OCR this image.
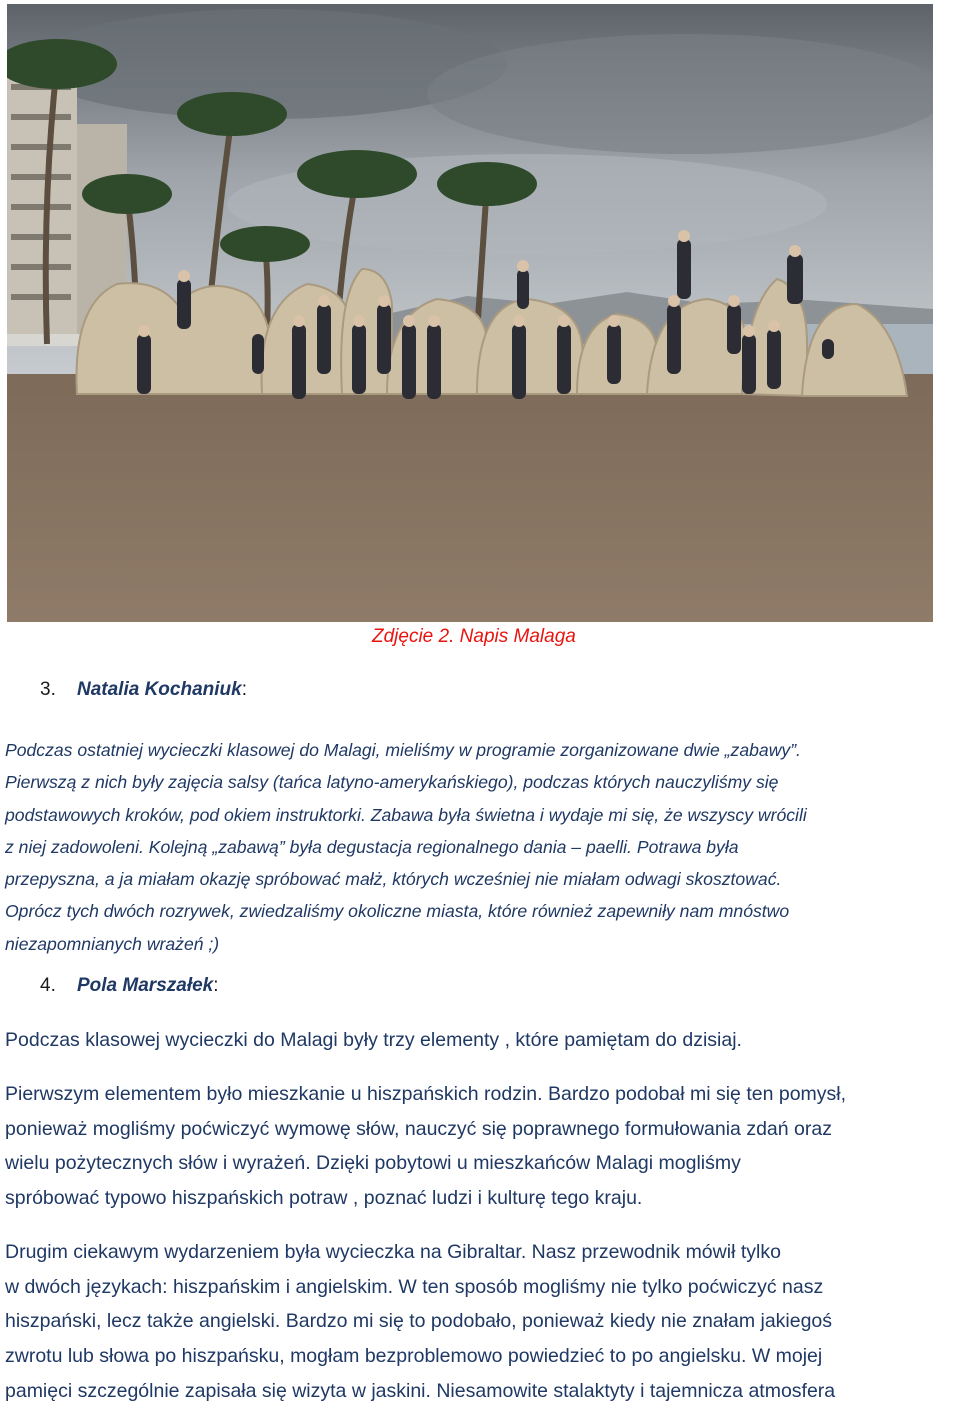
Zdjęcie 2. Napis Malaga
3. Natalia Kochaniuk:
Podczas ostatniej wycieczki klasowej do Malagi, mieliśmy w programie zorganizowane dwie „zabawy”.
Pierwszą z nich były zajęcia salsy (tańca latyno-amerykańskiego), podczas których nauczyliśmy się
podstawowych kroków, pod okiem instruktorki. Zabawa była świetna i wydaje mi się, że wszyscy wrócili
z niej zadowoleni. Kolejną „zabawą” była degustacja regionalnego dania – paelli. Potrawa była
przepyszna, a ja miałam okazję spróbować małż, których wcześniej nie miałam odwagi skosztować.
Oprócz tych dwóch rozrywek, zwiedzaliśmy okoliczne miasta, które również zapewniły nam mnóstwo
niezapomnianych wrażeń ;)
4. Pola Marszałek:
Podczas klasowej wycieczki do Malagi były trzy elementy , które pamiętam do dzisiaj.
Pierwszym elementem było mieszkanie u hiszpańskich rodzin. Bardzo podobał mi się ten pomysł,
ponieważ mogliśmy poćwiczyć wymowę słów, nauczyć się poprawnego formułowania zdań oraz
wielu pożytecznych słów i wyrażeń. Dzięki pobytowi u mieszkańców Malagi mogliśmy
spróbować typowo hiszpańskich potraw , poznać ludzi i kulturę tego kraju.
Drugim ciekawym wydarzeniem była wycieczka na Gibraltar. Nasz przewodnik mówił tylko
w dwóch językach: hiszpańskim i angielskim. W ten sposób mogliśmy nie tylko poćwiczyć nasz
hiszpański, lecz także angielski. Bardzo mi się to podobało, ponieważ kiedy nie znałam jakiegoś
zwrotu lub słowa po hiszpańsku, mogłam bezproblemowo powiedzieć to po angielsku. W mojej
pamięci szczególnie zapisała się wizyta w jaskini. Niesamowite stalaktyty i tajemnicza atmosfera
